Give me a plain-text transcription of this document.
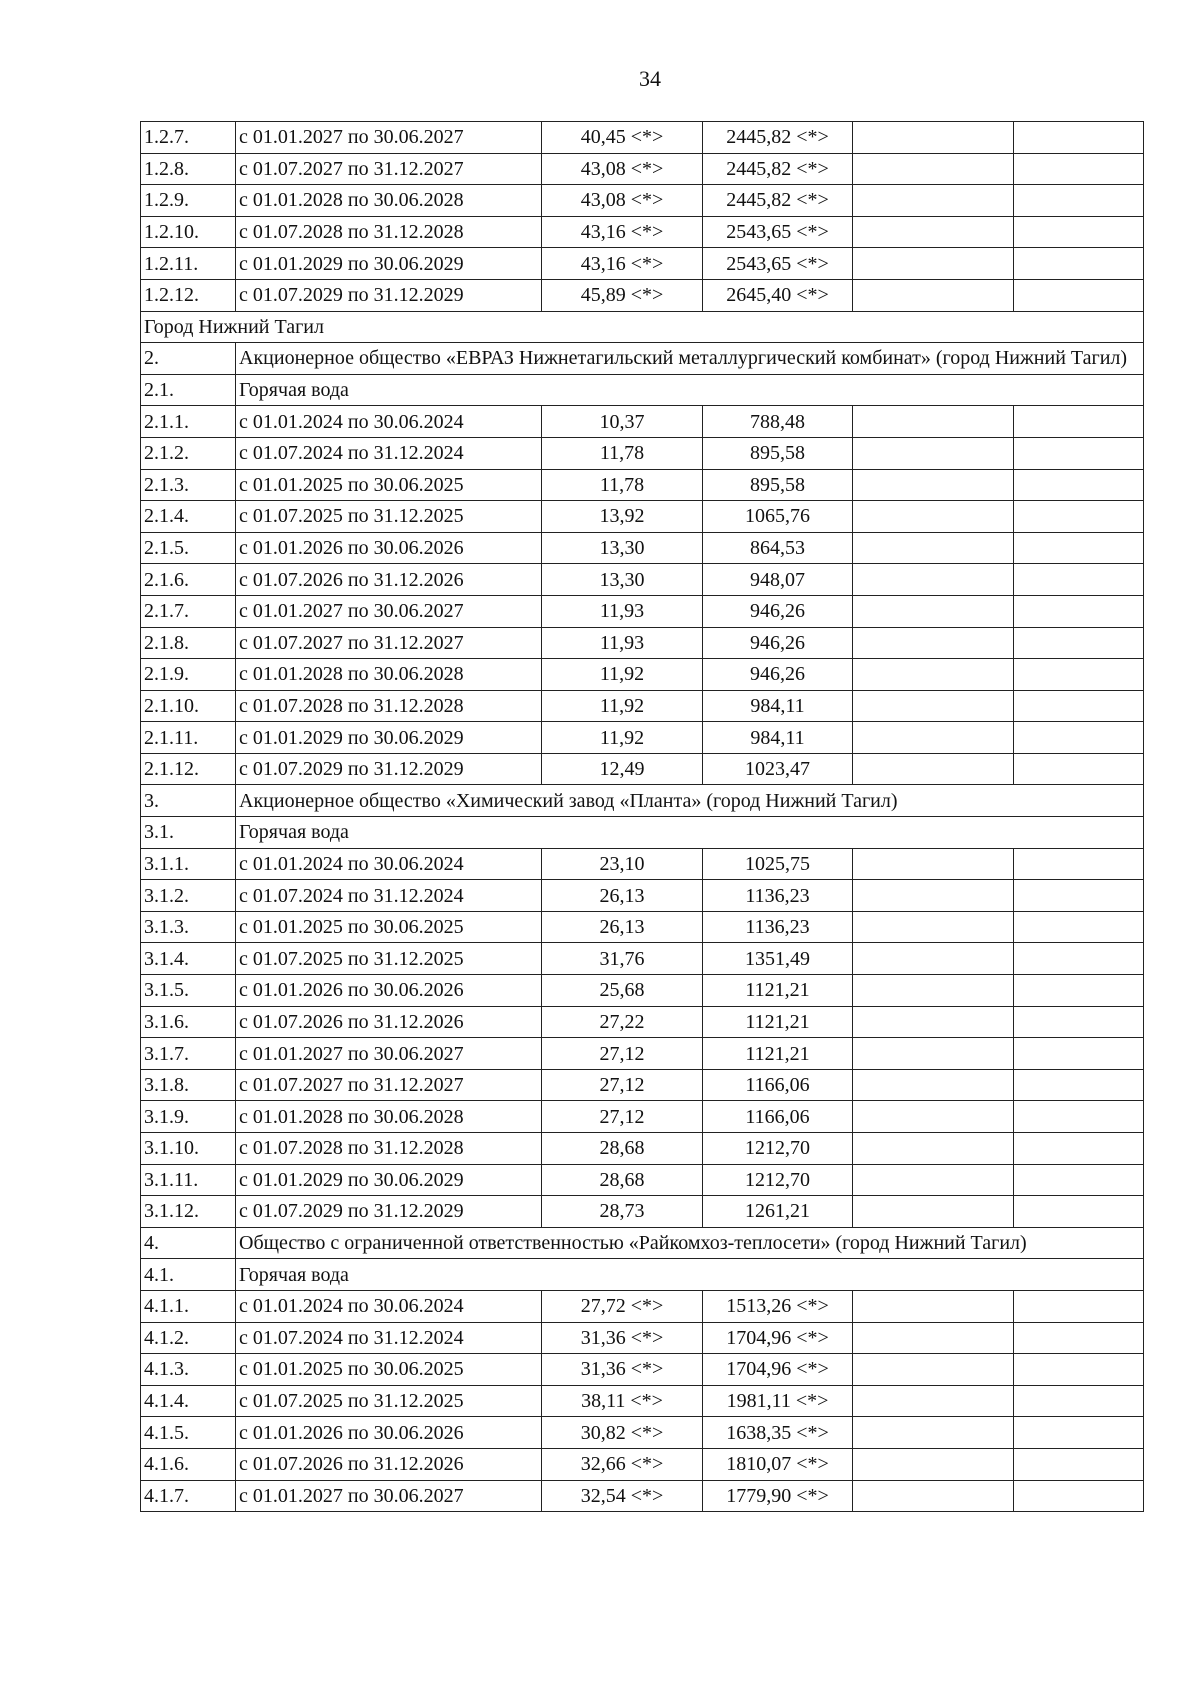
34
1.2.7.	с 01.01.2027 по 30.06.2027	40,45 <*>	2445,82 <*>		
1.2.8.	с 01.07.2027 по 31.12.2027	43,08 <*>	2445,82 <*>		
1.2.9.	с 01.01.2028 по 30.06.2028	43,08 <*>	2445,82 <*>		
1.2.10.	с 01.07.2028 по 31.12.2028	43,16 <*>	2543,65 <*>		
1.2.11.	с 01.01.2029 по 30.06.2029	43,16 <*>	2543,65 <*>		
1.2.12.	с 01.07.2029 по 31.12.2029	45,89 <*>	2645,40 <*>		
Город Нижний Тагил					
2.	Акционерное общество «ЕВРАЗ Нижнетагильский металлургический комбинат» (город Нижний Тагил)				
2.1.	Горячая вода				
2.1.1.	с 01.01.2024 по 30.06.2024	10,37	788,48		
2.1.2.	с 01.07.2024 по 31.12.2024	11,78	895,58		
2.1.3.	с 01.01.2025 по 30.06.2025	11,78	895,58		
2.1.4.	с 01.07.2025 по 31.12.2025	13,92	1065,76		
2.1.5.	с 01.01.2026 по 30.06.2026	13,30	864,53		
2.1.6.	с 01.07.2026 по 31.12.2026	13,30	948,07		
2.1.7.	с 01.01.2027 по 30.06.2027	11,93	946,26		
2.1.8.	с 01.07.2027 по 31.12.2027	11,93	946,26		
2.1.9.	с 01.01.2028 по 30.06.2028	11,92	946,26		
2.1.10.	с 01.07.2028 по 31.12.2028	11,92	984,11		
2.1.11.	с 01.01.2029 по 30.06.2029	11,92	984,11		
2.1.12.	с 01.07.2029 по 31.12.2029	12,49	1023,47		
3.	Акционерное общество «Химический завод «Планта» (город Нижний Тагил)				
3.1.	Горячая вода				
3.1.1.	с 01.01.2024 по 30.06.2024	23,10	1025,75		
3.1.2.	с 01.07.2024 по 31.12.2024	26,13	1136,23		
3.1.3.	с 01.01.2025 по 30.06.2025	26,13	1136,23		
3.1.4.	с 01.07.2025 по 31.12.2025	31,76	1351,49		
3.1.5.	с 01.01.2026 по 30.06.2026	25,68	1121,21		
3.1.6.	с 01.07.2026 по 31.12.2026	27,22	1121,21		
3.1.7.	с 01.01.2027 по 30.06.2027	27,12	1121,21		
3.1.8.	с 01.07.2027 по 31.12.2027	27,12	1166,06		
3.1.9.	с 01.01.2028 по 30.06.2028	27,12	1166,06		
3.1.10.	с 01.07.2028 по 31.12.2028	28,68	1212,70		
3.1.11.	с 01.01.2029 по 30.06.2029	28,68	1212,70		
3.1.12.	с 01.07.2029 по 31.12.2029	28,73	1261,21		
4.	Общество с ограниченной ответственностью «Райкомхоз-теплосети» (город Нижний Тагил)				
4.1.	Горячая вода				
4.1.1.	с 01.01.2024 по 30.06.2024	27,72 <*>	1513,26 <*>		
4.1.2.	с 01.07.2024 по 31.12.2024	31,36 <*>	1704,96 <*>		
4.1.3.	с 01.01.2025 по 30.06.2025	31,36 <*>	1704,96 <*>		
4.1.4.	с 01.07.2025 по 31.12.2025	38,11 <*>	1981,11 <*>		
4.1.5.	с 01.01.2026 по 30.06.2026	30,82 <*>	1638,35 <*>		
4.1.6.	с 01.07.2026 по 31.12.2026	32,66 <*>	1810,07 <*>		
4.1.7.	с 01.01.2027 по 30.06.2027	32,54 <*>	1779,90 <*>		
